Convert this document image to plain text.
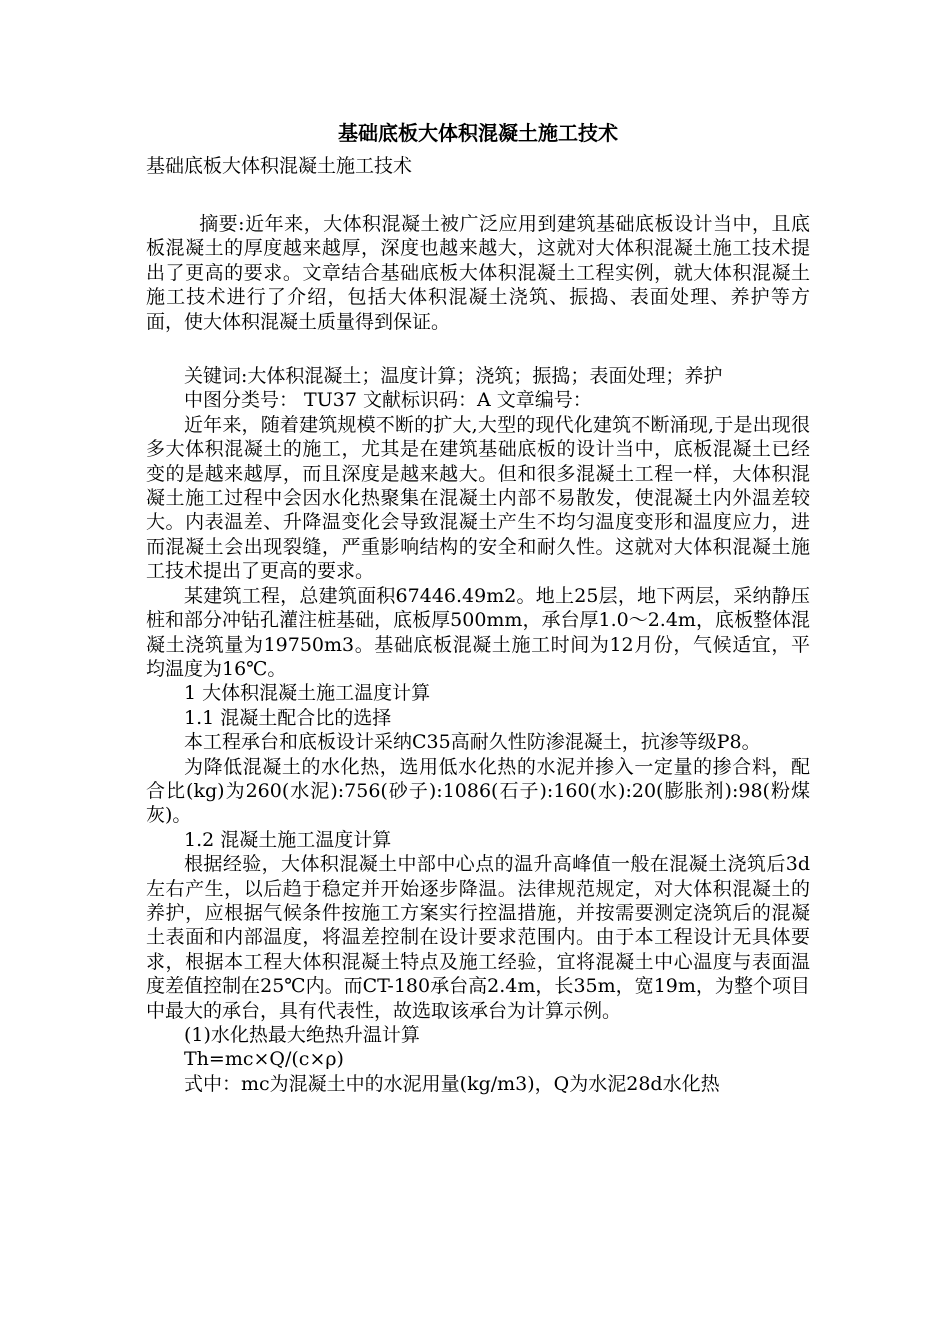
基础底板大体积混凝土施工技术
基础底板大体积混凝土施工技术

摘要:近年来，大体积混凝土被广泛应用到建筑基础底板设计当中，且底板混凝土的厚度越来越厚，深度也越来越大，这就对大体积混凝土施工技术提出了更高的要求。文章结合基础底板大体积混凝土工程实例，就大体积混凝土施工技术进行了介绍，包括大体积混凝土浇筑、振捣、表面处理、养护等方面，使大体积混凝土质量得到保证。

关键词:大体积混凝土；温度计算；浇筑；振捣；表面处理；养护

中图分类号： TU37 文献标识码：A 文章编号：

近年来，随着建筑规模不断的扩大,大型的现代化建筑不断涌现,于是出现很多大体积混凝土的施工，尤其是在建筑基础底板的设计当中，底板混凝土已经变的是越来越厚，而且深度是越来越大。但和很多混凝土工程一样，大体积混凝土施工过程中会因水化热聚集在混凝土内部不易散发，使混凝土内外温差较大。内表温差、升降温变化会导致混凝土产生不均匀温度变形和温度应力，进而混凝土会出现裂缝，严重影响结构的安全和耐久性。这就对大体积混凝土施工技术提出了更高的要求。

某建筑工程，总建筑面积67446.49m2。地上25层，地下两层，采纳静压桩和部分冲钻孔灌注桩基础，底板厚500mm，承台厚1.0～2.4m，底板整体混凝土浇筑量为19750m3。基础底板混凝土施工时间为12月份，气候适宜，平均温度为16℃。

1 大体积混凝土施工温度计算

1.1 混凝土配合比的选择

本工程承台和底板设计采纳C35高耐久性防渗混凝土，抗渗等级P8。

为降低混凝土的水化热，选用低水化热的水泥并掺入一定量的掺合料，配合比(kg)为260(水泥):756(砂子):1086(石子):160(水):20(膨胀剂):98(粉煤灰)。

1.2 混凝土施工温度计算

根据经验，大体积混凝土中部中心点的温升高峰值一般在混凝土浇筑后3d左右产生，以后趋于稳定并开始逐步降温。法律规范规定，对大体积混凝土的养护，应根据气候条件按施工方案实行控温措施，并按需要测定浇筑后的混凝土表面和内部温度，将温差控制在设计要求范围内。由于本工程设计无具体要求，根据本工程大体积混凝土特点及施工经验，宜将混凝土中心温度与表面温度差值控制在25℃内。而CT-180承台高2.4m，长35m，宽19m，为整个项目中最大的承台，具有代表性，故选取该承台为计算示例。

(1)水化热最大绝热升温计算

Th=mc×Q/(c×ρ)

式中：mc为混凝土中的水泥用量(kg/m3)，Q为水泥28d水化热
